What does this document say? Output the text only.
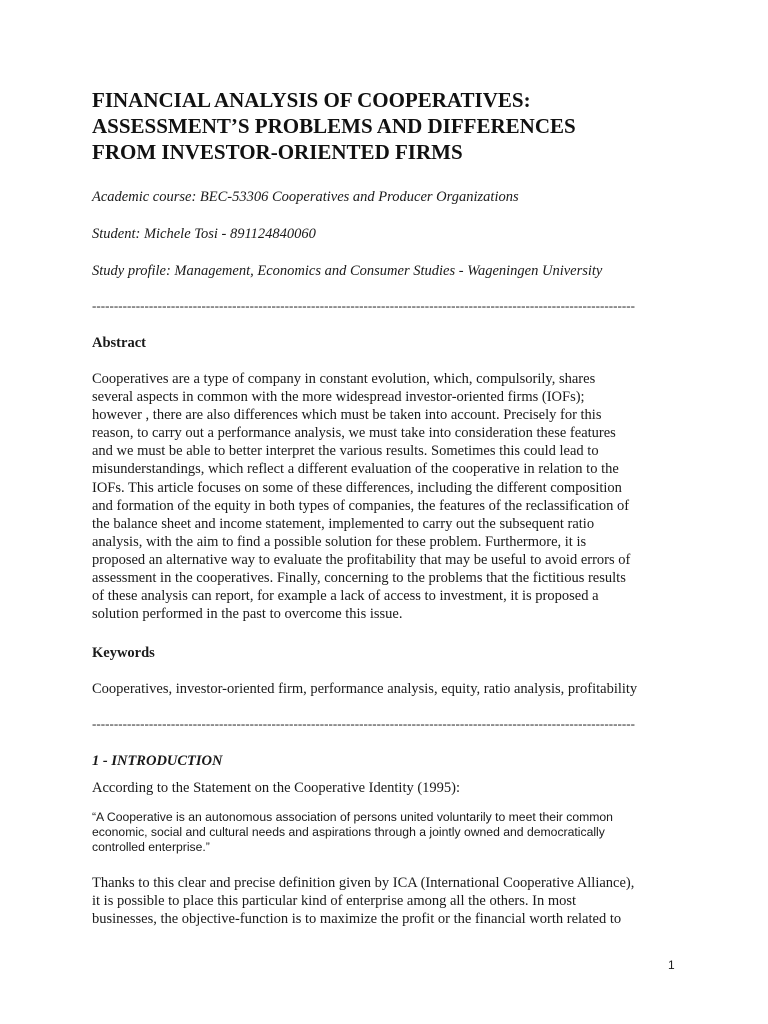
FINANCIAL ANALYSIS OF COOPERATIVES:
ASSESSMENT’S PROBLEMS AND DIFFERENCES
FROM INVESTOR-ORIENTED FIRMS

Academic course: BEC-53306 Cooperatives and Producer Organizations

Student: Michele Tosi - 891124840060

Study profile: Management, Economics and Consumer Studies - Wageningen University

----------------------------------------------------------------------------------------------------------------------------
Abstract

Cooperatives are a type of company in constant evolution, which, compulsorily, shares
several aspects in common with the more widespread investor-oriented firms (IOFs);
however , there are also differences which must be taken into account. Precisely for this
reason, to carry out a performance analysis, we must take into consideration these features
and we must be able to better interpret the various results. Sometimes this could lead to
misunderstandings, which reflect a different evaluation of the cooperative in relation to the
IOFs. This article focuses on some of these differences, including the different composition
and formation of the equity in both types of companies, the features of the reclassification of
the balance sheet and income statement, implemented to carry out the subsequent ratio
analysis, with the aim to find a possible solution for these problem. Furthermore, it is
proposed an alternative way to evaluate the profitability that may be useful to avoid errors of
assessment in the cooperatives. Finally, concerning to the problems that the fictitious results
of these analysis can report, for example a lack of access to investment, it is proposed a
solution performed in the past to overcome this issue.

Keywords

Cooperatives, investor-oriented firm, performance analysis, equity, ratio analysis, profitability

----------------------------------------------------------------------------------------------------------------------------
1 - INTRODUCTION

According to the Statement on the Cooperative Identity (1995):

“A Cooperative is an autonomous association of persons united voluntarily to meet their common
economic, social and cultural needs and aspirations through a jointly owned and democratically
controlled enterprise.”

Thanks to this clear and precise definition given by ICA (International Cooperative Alliance),
it is possible to place this particular kind of enterprise among all the others. In most
businesses, the objective-function is to maximize the profit or the financial worth related to

1
